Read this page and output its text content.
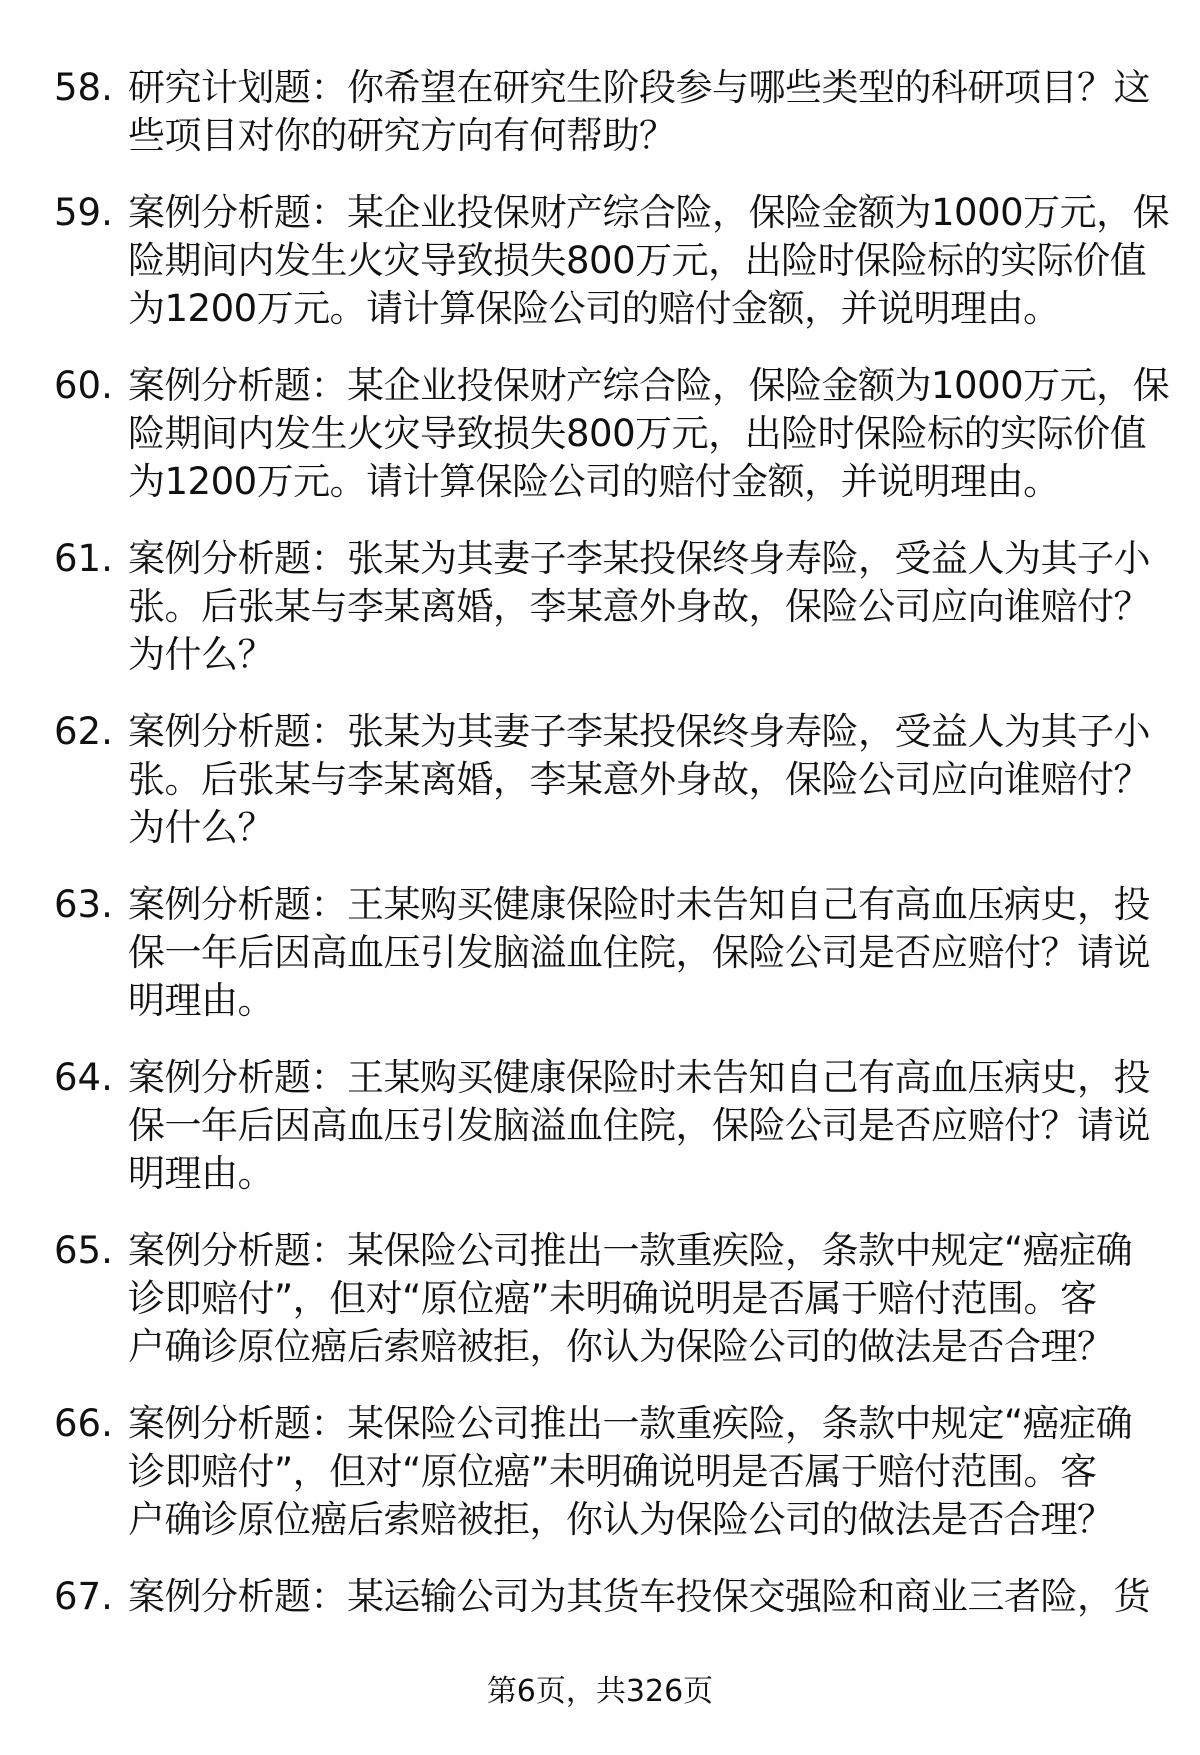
58. 研究计划题：你希望在研究生阶段参与哪些类型的科研项目？这
些项目对你的研究方向有何帮助？
59. 案例分析题：某企业投保财产综合险，保险金额为1000万元，保
险期间内发生火灾导致损失800万元，出险时保险标的实际价值
为1200万元。请计算保险公司的赔付金额，并说明理由。
60. 案例分析题：某企业投保财产综合险，保险金额为1000万元，保
险期间内发生火灾导致损失800万元，出险时保险标的实际价值
为1200万元。请计算保险公司的赔付金额，并说明理由。
61. 案例分析题：张某为其妻子李某投保终身寿险，受益人为其子小
张。后张某与李某离婚，李某意外身故，保险公司应向谁赔付？
为什么？
62. 案例分析题：张某为其妻子李某投保终身寿险，受益人为其子小
张。后张某与李某离婚，李某意外身故，保险公司应向谁赔付？
为什么？
63. 案例分析题：王某购买健康保险时未告知自己有高血压病史，投
保一年后因高血压引发脑溢血住院，保险公司是否应赔付？请说
明理由。
64. 案例分析题：王某购买健康保险时未告知自己有高血压病史，投
保一年后因高血压引发脑溢血住院，保险公司是否应赔付？请说
明理由。
65. 案例分析题：某保险公司推出一款重疾险，条款中规定“癌症确
诊即赔付”，但对“原位癌”未明确说明是否属于赔付范围。客
户确诊原位癌后索赔被拒，你认为保险公司的做法是否合理？
66. 案例分析题：某保险公司推出一款重疾险，条款中规定“癌症确
诊即赔付”，但对“原位癌”未明确说明是否属于赔付范围。客
户确诊原位癌后索赔被拒，你认为保险公司的做法是否合理？
67. 案例分析题：某运输公司为其货车投保交强险和商业三者险，货
第6页，共326页
